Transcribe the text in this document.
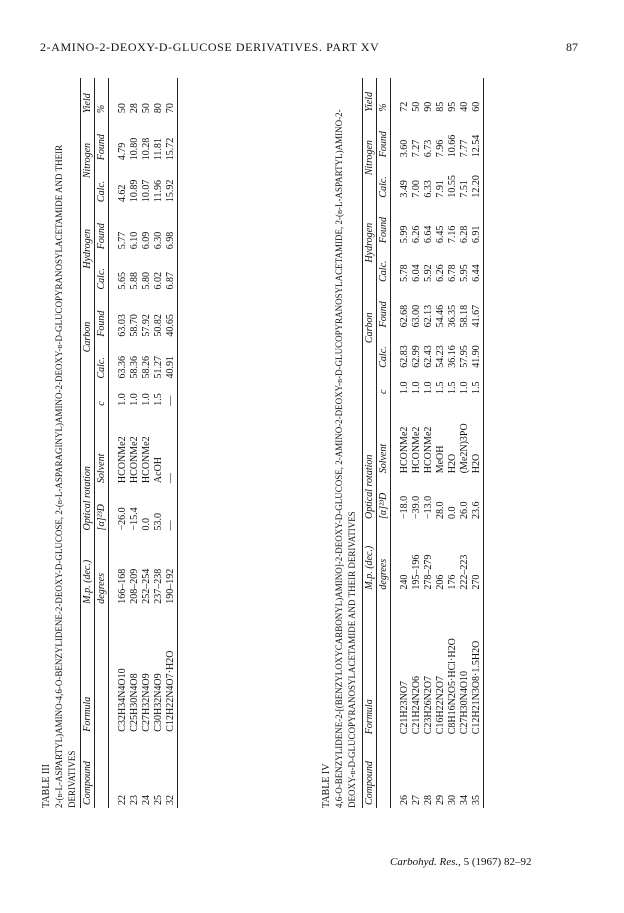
2-AMINO-2-DEOXY-D-GLUCOSE DERIVATIVES. PART XV	87
TABLE III 2-(β-L-ASPARTYL)AMINO-4,6-O-BENZYLIDENE-2-DEOXY-D-GLUCOSE, 2-(β-L-ASPARAGINYL)AMINO-2-DEOXY-β-D-GLUCOPYRANOSYLACETAMIDE AND THEIR DERIVATIVES Compound	Formula	M.p. (dec.)	Optical rotation			Carbon		Hydrogen		Nitrogen		Yield
		degrees	[α]²³D	Solvent	c	Calc.	Found	Calc.	Found	Calc.	Found	%
22	C32H34N4O10	166–168	−26.0	HCONMe2	1.0	63.36	63.03	5.65	5.77	4.62	4.79	50
23	C25H30N4O8	208–209	−15.4	HCONMe2	1.0	58.36	58.70	5.88	6.10	10.89	10.80	28
24	C27H32N4O9	252–254	0.0	HCONMe2	1.0	58.26	57.92	5.80	6.09	10.07	10.28	50
25	C30H32N4O9	237–238	53.0	AcOH	1.5	51.27	50.82	6.02	6.30	11.96	11.81	80
32	C12H22N4O7·H2O	190–192	—	—	—	40.91	40.65	6.87	6.98	15.92	15.72	70
TABLE IV 4,6-O-BENZYLIDENE-2-[(BENZYLOXYCARBONYL)AMINO]-2-DEOXY-D-GLUCOSE, 2-AMINO-2-DEOXY-β-D-GLUCOPYRANOSYLACETAMIDE, 2-(β-L-ASPARTYL)AMINO-2-DEOXY-β-D-GLUCOPYRANOSYLACETAMIDE AND THEIR DERIVATIVES Compound	Formula	M.p. (dec.)	Optical rotation			Carbon		Hydrogen		Nitrogen		Yield
		degrees	[α]²³D	Solvent	c	Calc.	Found	Calc.	Found	Calc.	Found	%
26	C21H23NO7	240	−18.0	HCONMe2	1.0	62.83	62.68	5.78	5.99	3.49	3.60	72
27	C21H24N2O6	195–196	−39.0	HCONMe2	1.0	62.99	63.00	6.04	6.26	7.00	7.27	50
28	C23H26N2O7	278–279	−13.0	HCONMe2	1.0	62.43	62.13	5.92	6.64	6.33	6.73	90
29	C16H22N2O7	206	28.0	MeOH	1.5	54.23	54.46	6.26	6.45	7.91	7.96	85
30	C8H16N2O5·HCl·H2O	176	0.0	H2O	1.5	36.16	36.35	6.78	7.16	10.55	10.66	95
34	C27H30N4O10	222–223	26.0	(Me2N)3PO	1.0	57.95	58.18	5.95	6.28	7.51	7.77	40
35	C12H21N3O8·1.5H2O	270	23.6	H2O	1.5	41.90	41.67	6.44	6.91	12.20	12.54	60
Carbohyd. Res., 5 (1967) 82–92
